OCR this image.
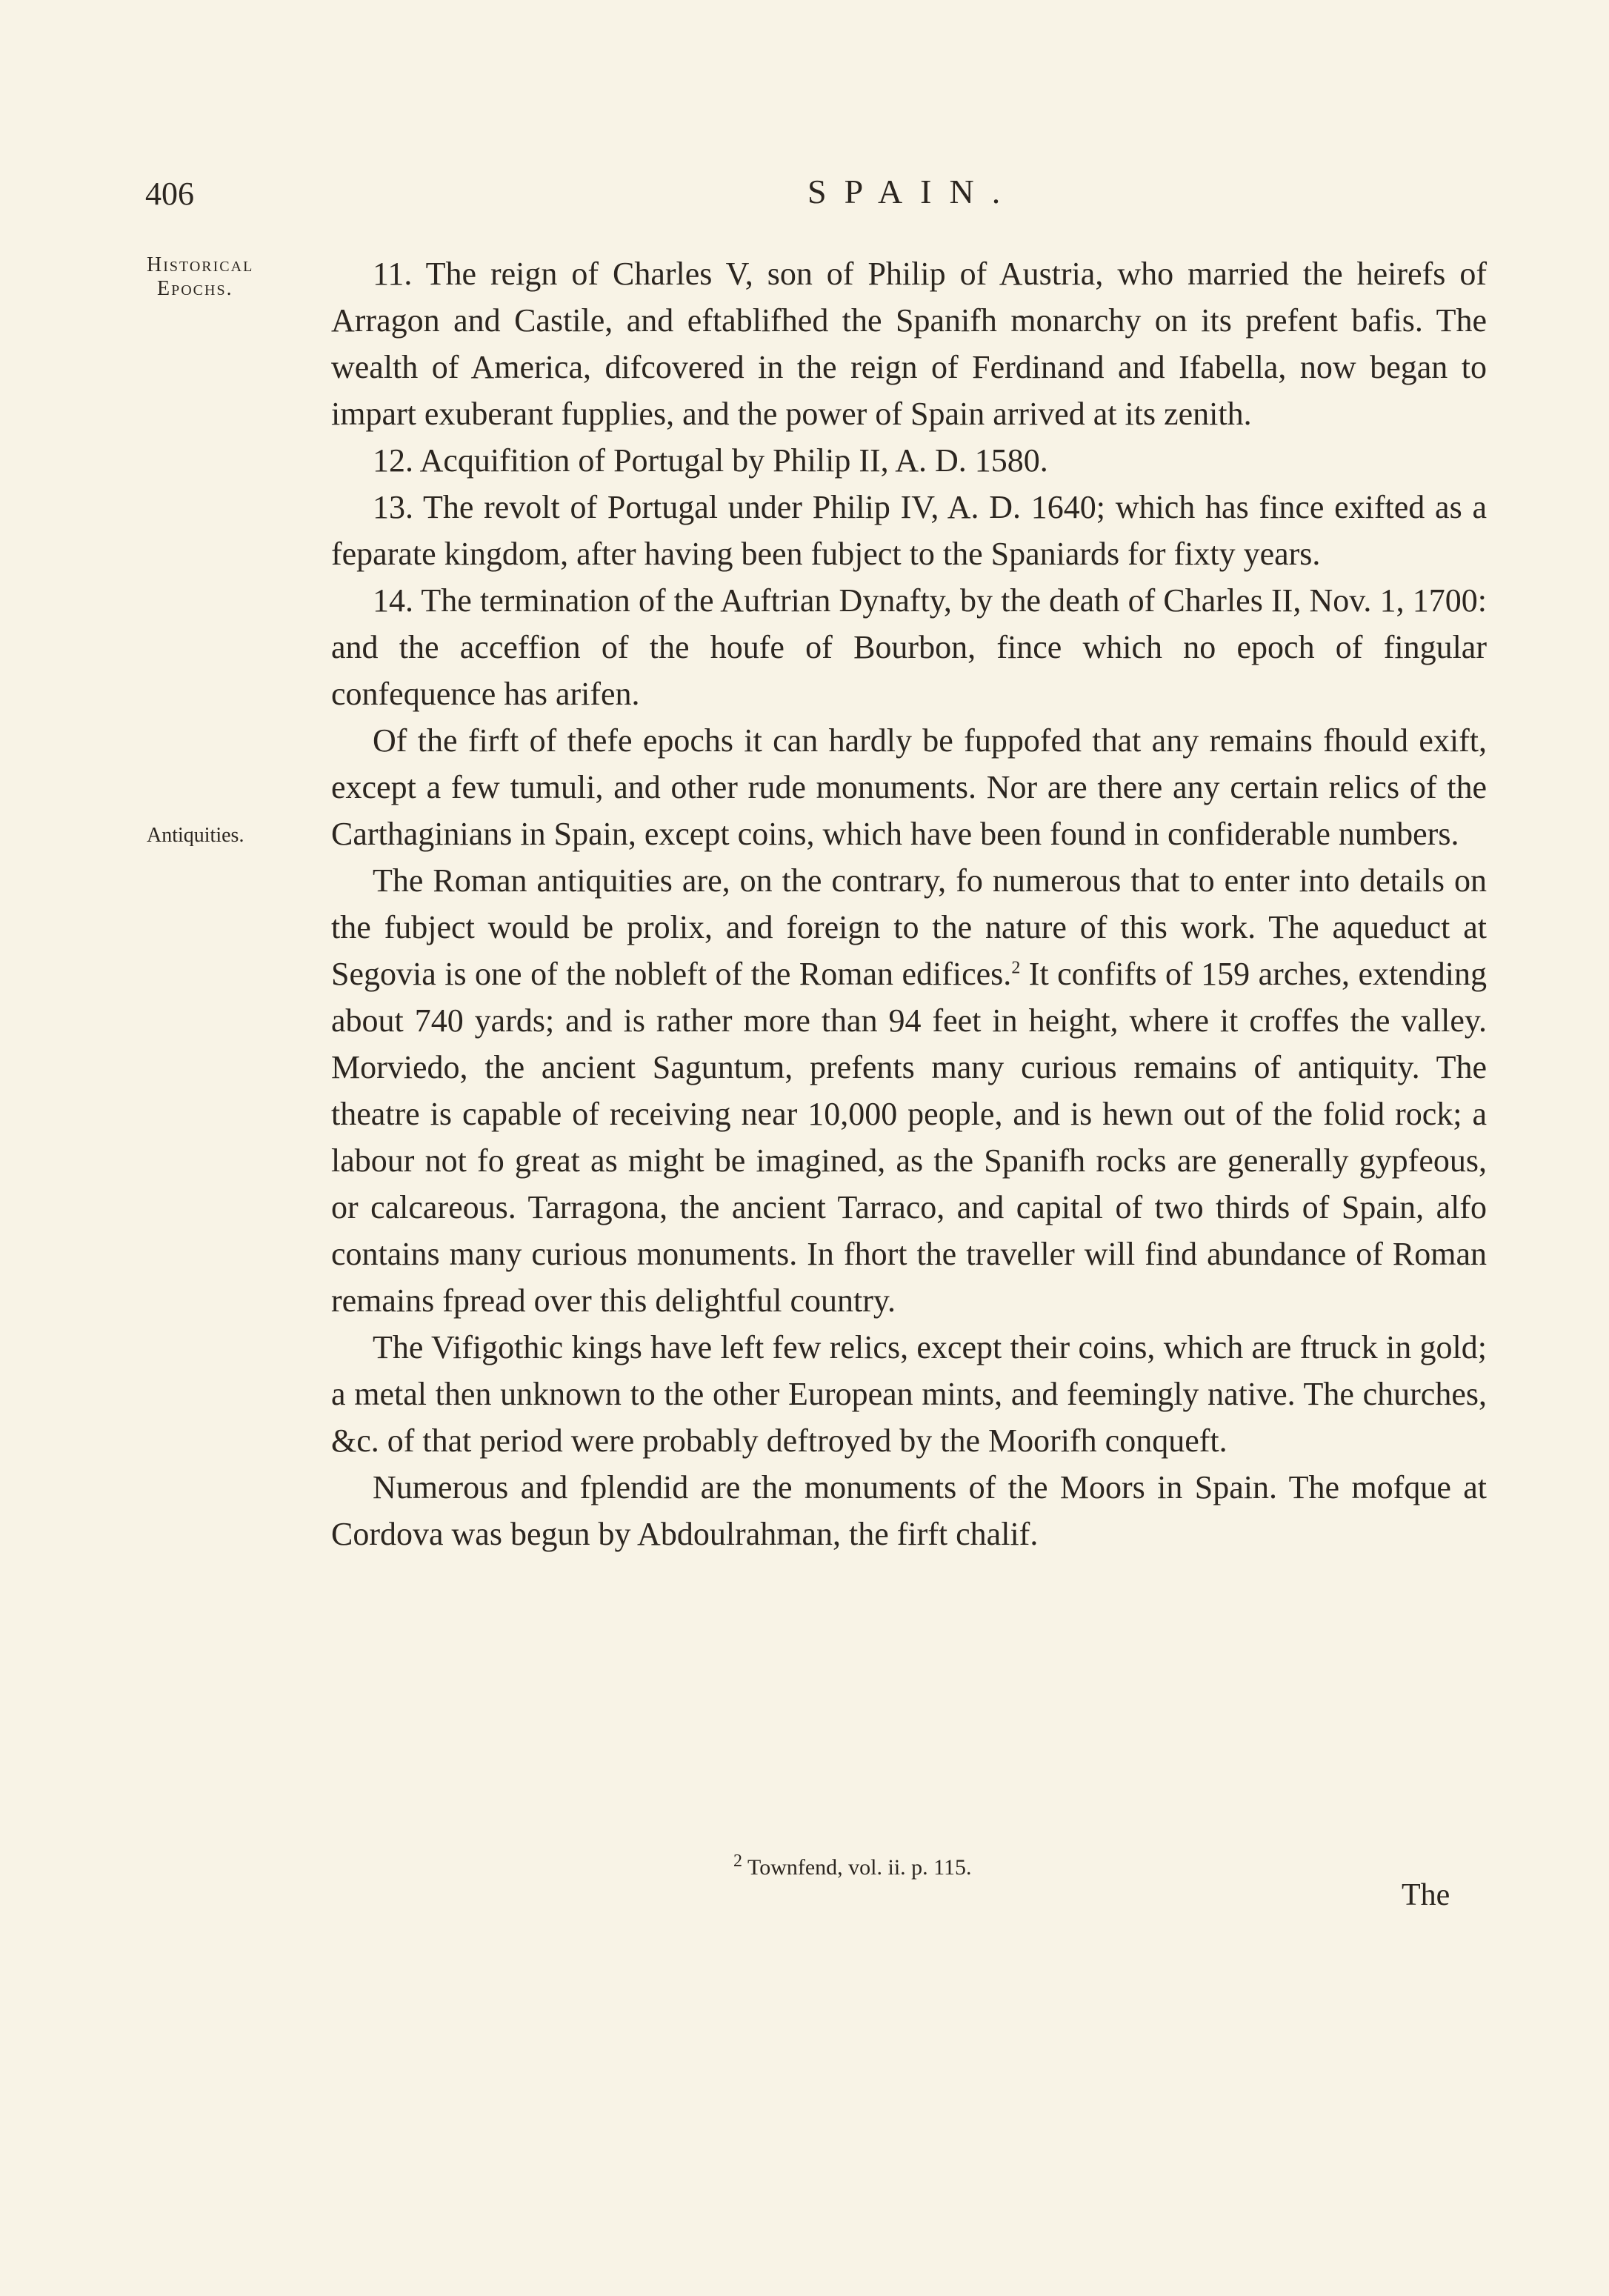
406	SPAIN.
Historical
Epochs.
Antiquities.

11. The reign of Charles V, son of Philip of Austria, who married the heirefs of Arragon and Castile, and eftablifhed the Spanifh monarchy on its prefent bafis. The wealth of America, difcovered in the reign of Ferdinand and Ifabella, now began to impart exuberant fupplies, and the power of Spain arrived at its zenith.

12. Acquifition of Portugal by Philip II, A. D. 1580.

13. The revolt of Portugal under Philip IV, A. D. 1640; which has fince exifted as a feparate kingdom, after having been fubject to the Spaniards for fixty years.

14. The termination of the Auftrian Dynafty, by the death of Charles II, Nov. 1, 1700: and the acceffion of the houfe of Bourbon, fince which no epoch of fingular confequence has arifen.

Of the firft of thefe epochs it can hardly be fuppofed that any remains fhould exift, except a few tumuli, and other rude monuments. Nor are there any certain relics of the Carthaginians in Spain, except coins, which have been found in confiderable numbers.

The Roman antiquities are, on the contrary, fo numerous that to enter into details on the fubject would be prolix, and foreign to the nature of this work. The aqueduct at Segovia is one of the nobleft of the Roman edifices.$^2$ It confifts of 159 arches, extending about 740 yards; and is rather more than 94 feet in height, where it croffes the valley. Morviedo, the ancient Saguntum, prefents many curious remains of antiquity. The theatre is capable of receiving near 10,000 people, and is hewn out of the folid rock; a labour not fo great as might be imagined, as the Spanifh rocks are generally gypfeous, or calcareous. Tarragona, the ancient Tarraco, and capital of two thirds of Spain, alfo contains many curious monuments. In fhort the traveller will find abundance of Roman remains fpread over this delightful country.

The Vifigothic kings have left few relics, except their coins, which are ftruck in gold; a metal then unknown to the other European mints, and feemingly native. The churches, &c. of that period were probably deftroyed by the Moorifh conqueft.

Numerous and fplendid are the monuments of the Moors in Spain. The mofque at Cordova was begun by Abdoulrahman, the firft chalif.

$^2$ Townfend, vol. ii. p. 115.
The
